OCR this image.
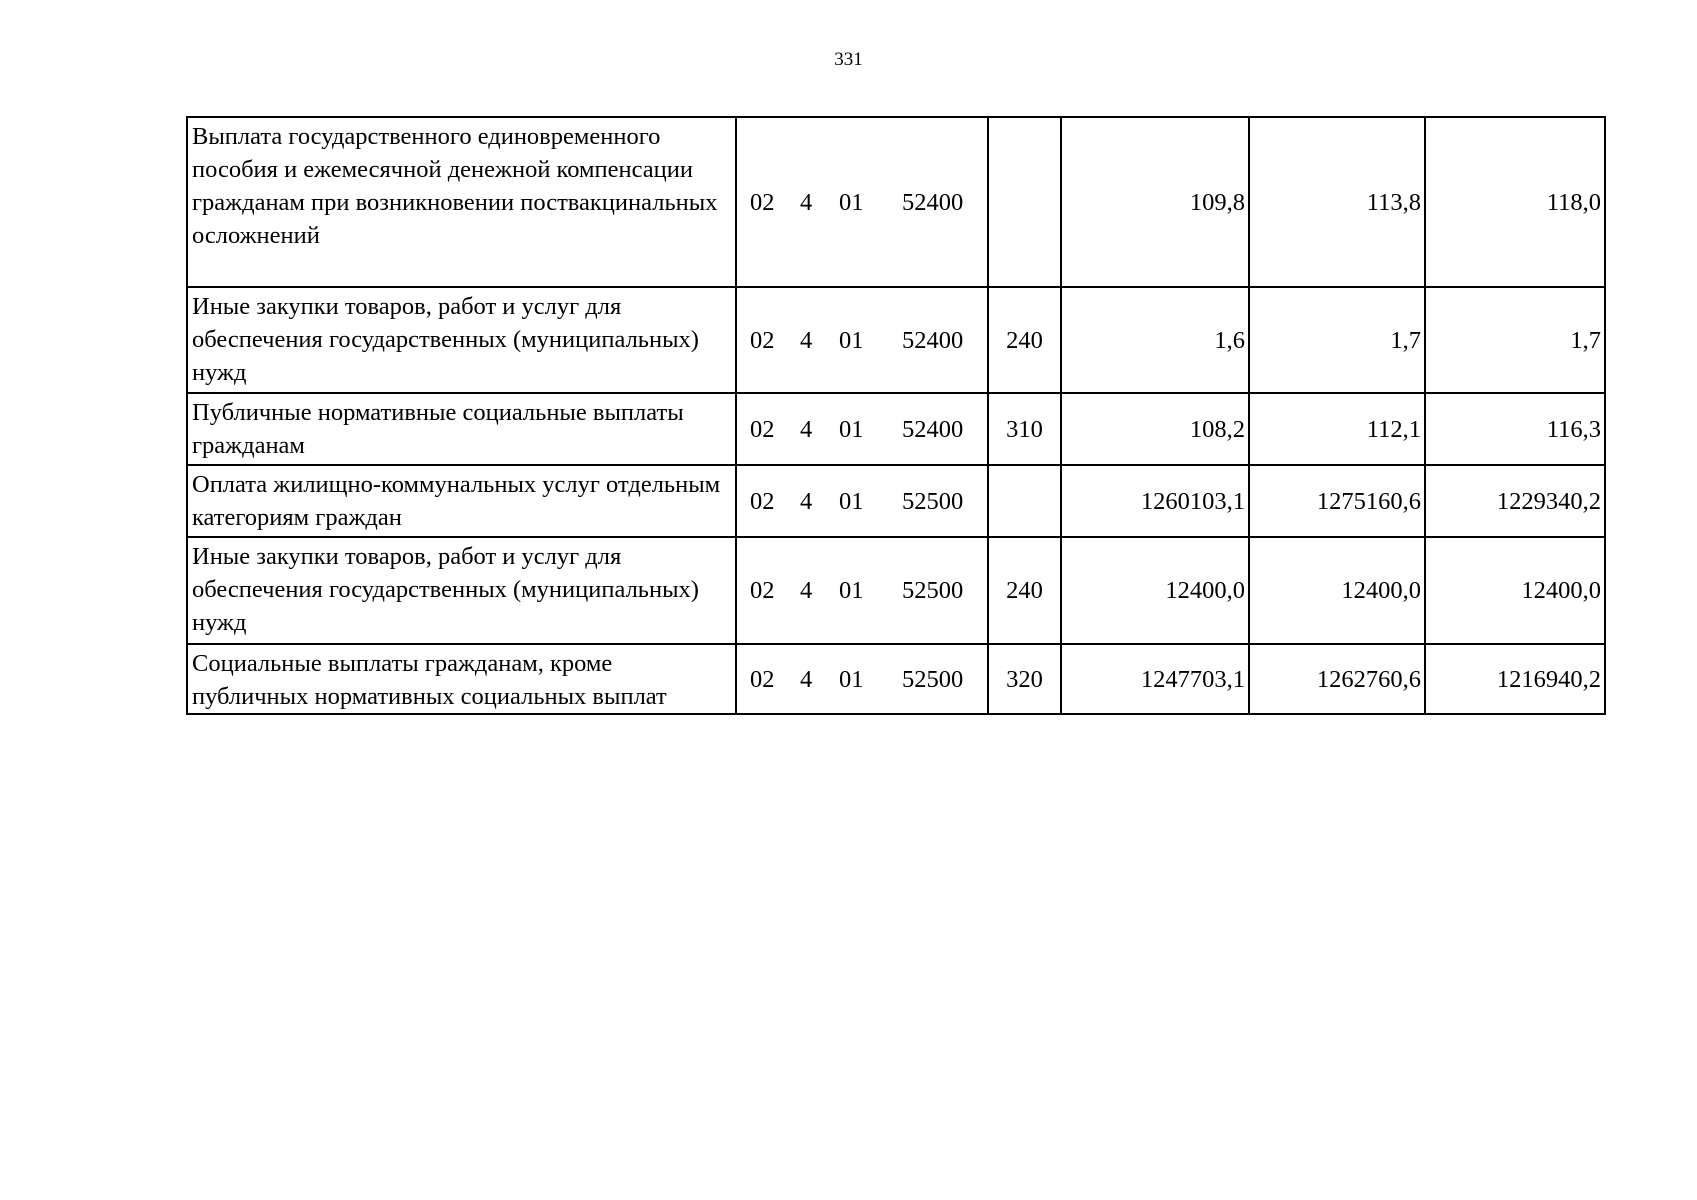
331
Выплата государственного единовременного пособия и ежемесячной денежной компенсации гражданам при возникновении поствакцинальных осложнений	02 4 01 52400		109,8	113,8	118,0
Иные закупки товаров, работ и услуг для обеспечения государственных (муниципальных) нужд	02 4 01 52400	240	1,6	1,7	1,7
Публичные нормативные социальные выплаты гражданам	02 4 01 52400	310	108,2	112,1	116,3
Оплата жилищно-коммунальных услуг отдельным категориям граждан	02 4 01 52500		1260103,1	1275160,6	1229340,2
Иные закупки товаров, работ и услуг для обеспечения государственных (муниципальных) нужд	02 4 01 52500	240	12400,0	12400,0	12400,0
Социальные выплаты гражданам, кроме публичных нормативных социальных выплат	02 4 01 52500	320	1247703,1	1262760,6	1216940,2
